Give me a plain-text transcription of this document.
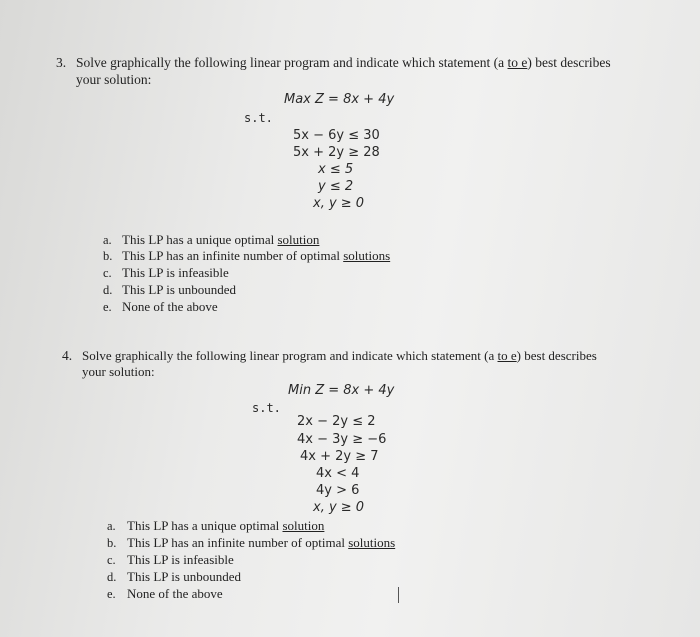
3. Solve graphically the following linear program and indicate which statement (a to e) best describes
your solution:
Max Z = 8x + 4y
s.t.
5x − 6y ≤ 30
5x + 2y ≥ 28
x ≤ 5
y ≤ 2
x, y ≥ 0
a. This LP has a unique optimal solution
b. This LP has an infinite number of optimal solutions
c. This LP is infeasible
d. This LP is unbounded
e. None of the above
4. Solve graphically the following linear program and indicate which statement (a to e) best describes
your solution:
Min Z = 8x + 4y
s.t.
2x − 2y ≤ 2
4x − 3y ≥ −6
4x + 2y ≥ 7
4x < 4
4y > 6
x, y ≥ 0
a. This LP has a unique optimal solution
b. This LP has an infinite number of optimal solutions
c. This LP is infeasible
d. This LP is unbounded
e. None of the above
